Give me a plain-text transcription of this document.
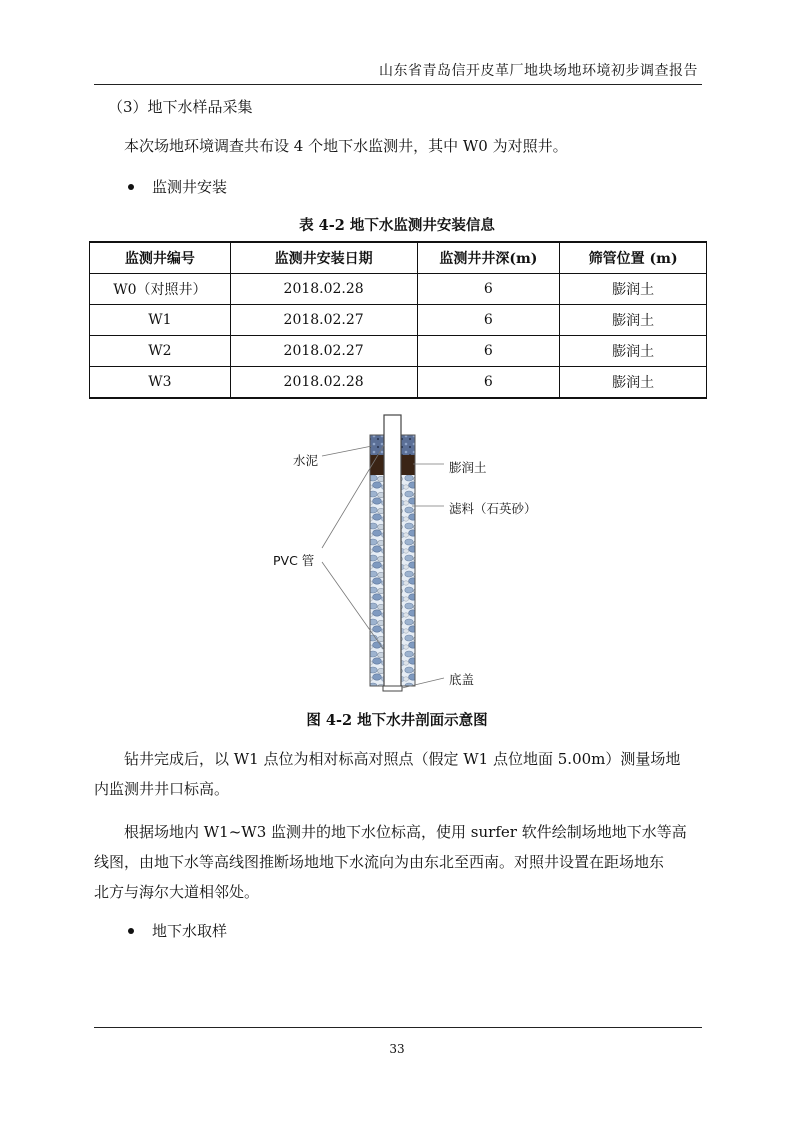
山东省青岛信开皮革厂地块场地环境初步调查报告
（3）地下水样品采集
本次场地环境调查共布设 4 个地下水监测井，其中 W0 为对照井。
监测井安装
表 4-2 地下水监测井安装信息
监测井编号	监测井安装日期	监测井井深(m)	筛管位置 (m)
W0（对照井）	2018.02.28	6	膨润土
W1	2018.02.27	6	膨润土
W2	2018.02.27	6	膨润土
W3	2018.02.28	6	膨润土
水泥
PVC 管
膨润土
滤料（石英砂）
底盖
图 4-2 地下水井剖面示意图
钻井完成后，以 W1 点位为相对标高对照点（假定 W1 点位地面 5.00m）测量场地
内监测井井口标高。
根据场地内 W1~W3 监测井的地下水位标高，使用 surfer 软件绘制场地地下水等高
线图，由地下水等高线图推断场地地下水流向为由东北至西南。对照井设置在距场地东
北方与海尔大道相邻处。
地下水取样
33
